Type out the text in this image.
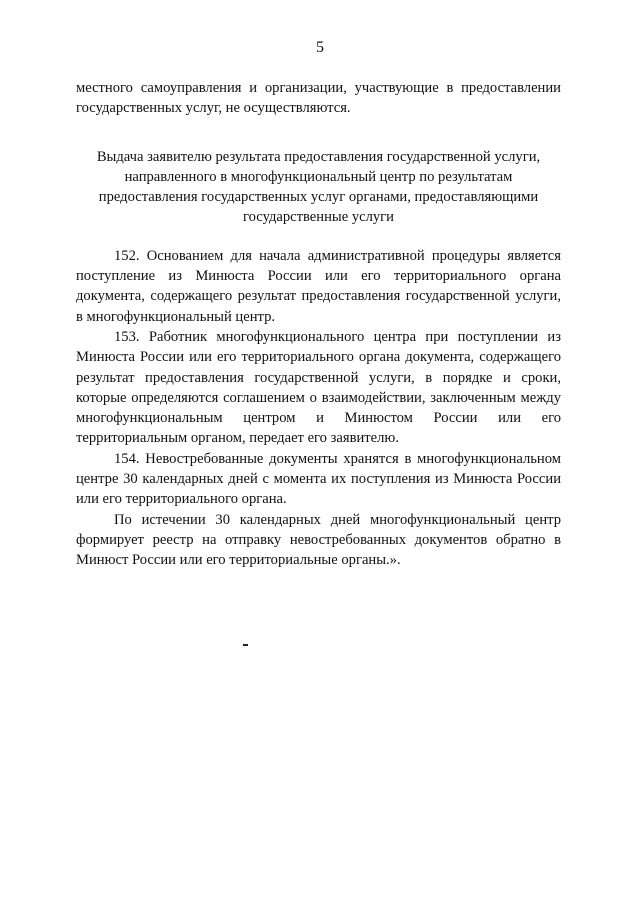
5

местного самоуправления и организации, участвующие в предоставлении государственных услуг, не осуществляются.

Выдача заявителю результата предоставления государственной услуги,
направленного в многофункциональный центр по результатам
предоставления государственных услуг органами, предоставляющими
государственные услуги

152. Основанием для начала административной процедуры является поступление из Минюста России или его территориального органа документа, содержащего результат предоставления государственной услуги, в многофункциональный центр.

153. Работник многофункционального центра при поступлении из Минюста России или его территориального органа документа, содержащего результат предоставления государственной услуги, в порядке и сроки, которые определяются соглашением о взаимодействии, заключенным между многофункциональным центром и Минюстом России или его территориальным органом, передает его заявителю.

154. Невостребованные документы хранятся в многофункциональном центре 30 календарных дней с момента их поступления из Минюста России или его территориального органа.

По истечении 30 календарных дней многофункциональный центр формирует реестр на отправку невостребованных документов обратно в Минюст России или его территориальные органы.».
